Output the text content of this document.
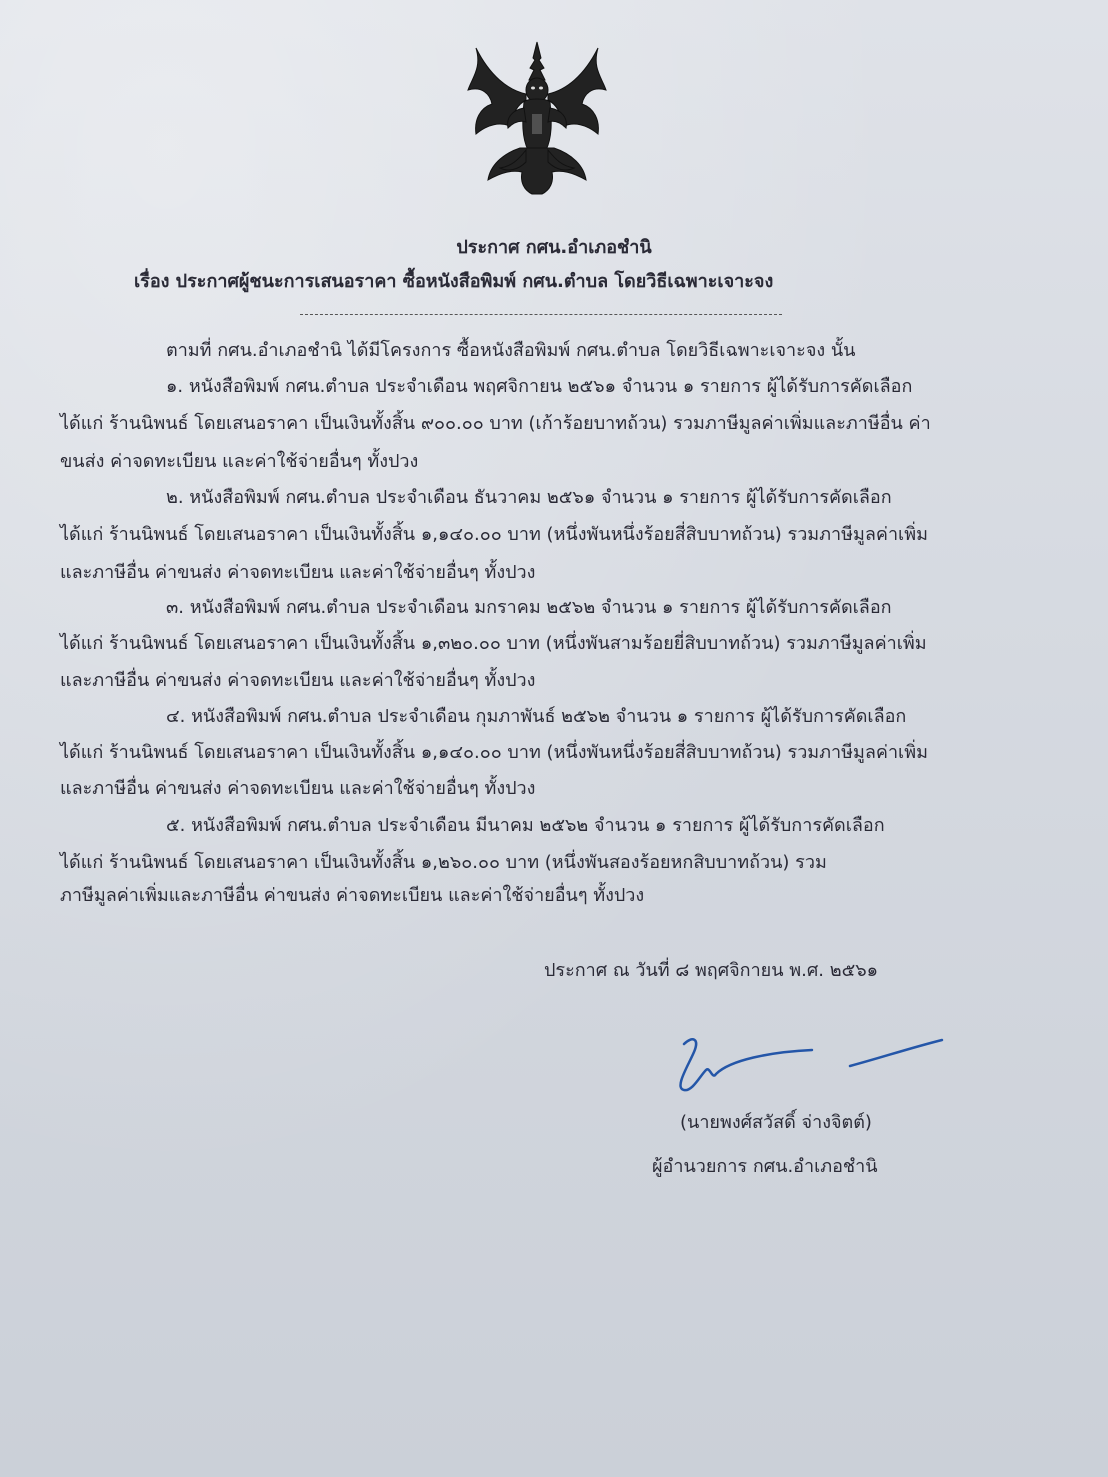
ประกาศ กศน.อำเภอชำนิ
เรื่อง ประกาศผู้ชนะการเสนอราคา ซื้อหนังสือพิมพ์ กศน.ตำบล โดยวิธีเฉพาะเจาะจง
ตามที่ กศน.อำเภอชำนิ ได้มีโครงการ ซื้อหนังสือพิมพ์ กศน.ตำบล โดยวิธีเฉพาะเจาะจง นั้น
๑. หนังสือพิมพ์ กศน.ตำบล ประจำเดือน พฤศจิกายน ๒๕๖๑ จำนวน ๑ รายการ ผู้ได้รับการคัดเลือก
ได้แก่ ร้านนิพนธ์ โดยเสนอราคา เป็นเงินทั้งสิ้น ๙๐๐.๐๐ บาท (เก้าร้อยบาทถ้วน) รวมภาษีมูลค่าเพิ่มและภาษีอื่น ค่า
ขนส่ง ค่าจดทะเบียน และค่าใช้จ่ายอื่นๆ ทั้งปวง
๒. หนังสือพิมพ์ กศน.ตำบล ประจำเดือน ธันวาคม ๒๕๖๑ จำนวน ๑ รายการ ผู้ได้รับการคัดเลือก
ได้แก่ ร้านนิพนธ์ โดยเสนอราคา เป็นเงินทั้งสิ้น ๑,๑๔๐.๐๐ บาท (หนึ่งพันหนึ่งร้อยสี่สิบบาทถ้วน) รวมภาษีมูลค่าเพิ่ม
และภาษีอื่น ค่าขนส่ง ค่าจดทะเบียน และค่าใช้จ่ายอื่นๆ ทั้งปวง
๓. หนังสือพิมพ์ กศน.ตำบล ประจำเดือน มกราคม ๒๕๖๒ จำนวน ๑ รายการ ผู้ได้รับการคัดเลือก
ได้แก่ ร้านนิพนธ์ โดยเสนอราคา เป็นเงินทั้งสิ้น ๑,๓๒๐.๐๐ บาท (หนึ่งพันสามร้อยยี่สิบบาทถ้วน) รวมภาษีมูลค่าเพิ่ม
และภาษีอื่น ค่าขนส่ง ค่าจดทะเบียน และค่าใช้จ่ายอื่นๆ ทั้งปวง
๔. หนังสือพิมพ์ กศน.ตำบล ประจำเดือน กุมภาพันธ์ ๒๕๖๒ จำนวน ๑ รายการ ผู้ได้รับการคัดเลือก
ได้แก่ ร้านนิพนธ์ โดยเสนอราคา เป็นเงินทั้งสิ้น ๑,๑๔๐.๐๐ บาท (หนึ่งพันหนึ่งร้อยสี่สิบบาทถ้วน) รวมภาษีมูลค่าเพิ่ม
และภาษีอื่น ค่าขนส่ง ค่าจดทะเบียน และค่าใช้จ่ายอื่นๆ ทั้งปวง
๕. หนังสือพิมพ์ กศน.ตำบล ประจำเดือน มีนาคม ๒๕๖๒ จำนวน ๑ รายการ ผู้ได้รับการคัดเลือก
ได้แก่ ร้านนิพนธ์ โดยเสนอราคา เป็นเงินทั้งสิ้น ๑,๒๖๐.๐๐ บาท (หนึ่งพันสองร้อยหกสิบบาทถ้วน) รวม
ภาษีมูลค่าเพิ่มและภาษีอื่น ค่าขนส่ง ค่าจดทะเบียน และค่าใช้จ่ายอื่นๆ ทั้งปวง
ประกาศ ณ วันที่ ๘ พฤศจิกายน พ.ศ. ๒๕๖๑
(นายพงศ์สวัสดิ์ จ่างจิตต์)
ผู้อำนวยการ กศน.อำเภอชำนิ
